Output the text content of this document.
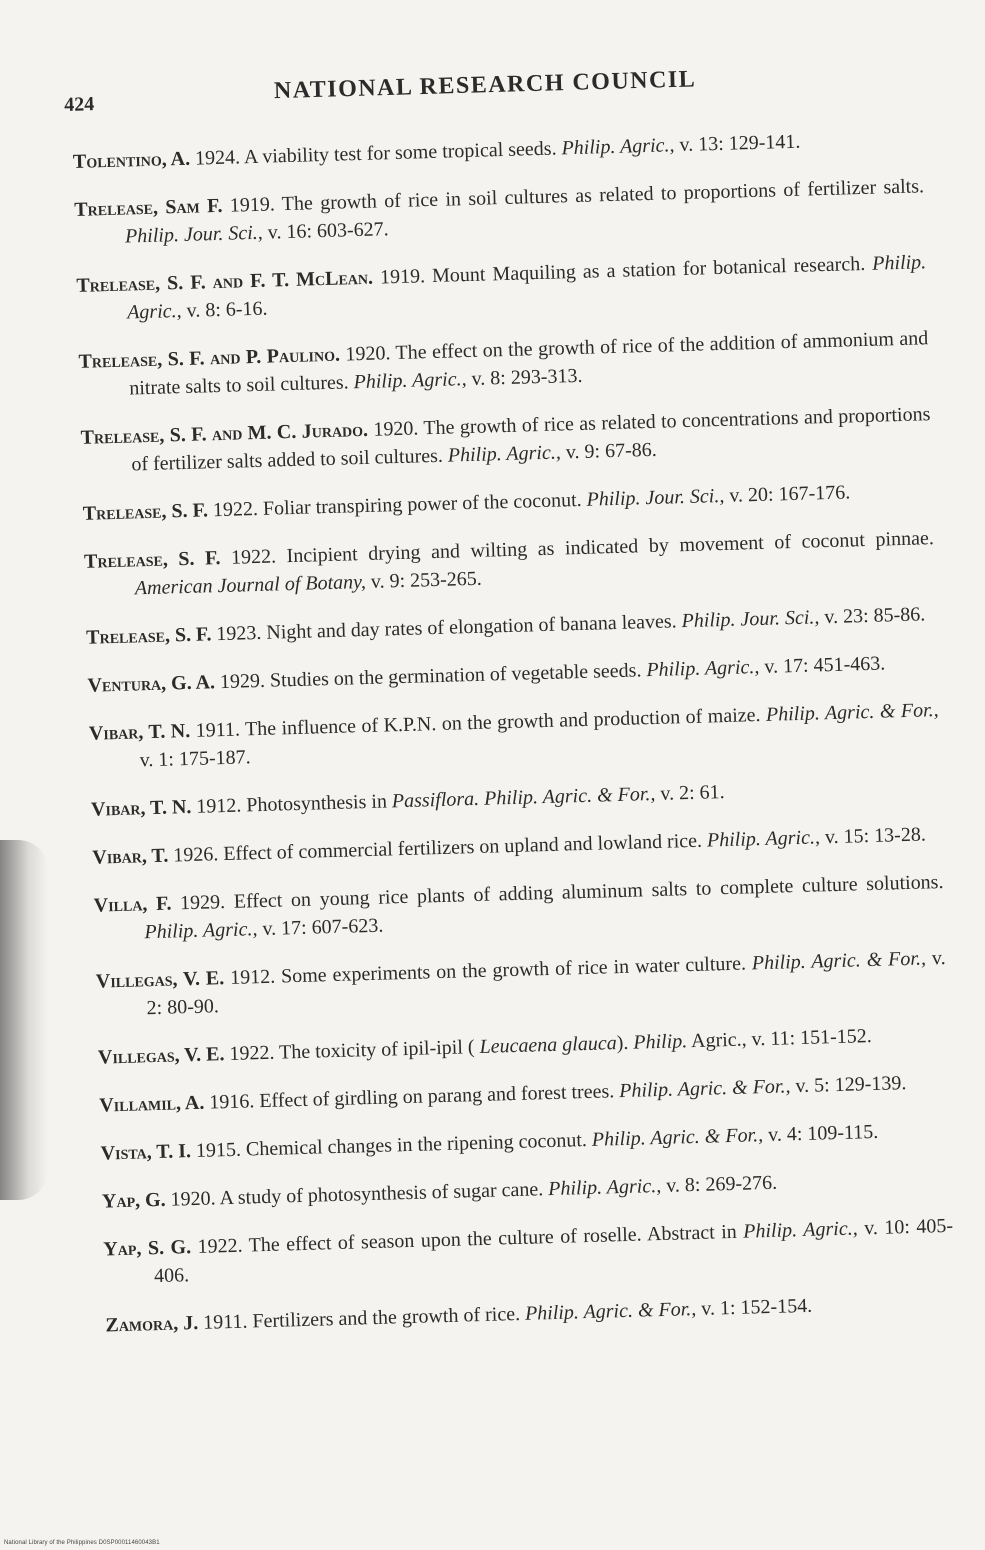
424
NATIONAL RESEARCH COUNCIL

Tolentino, A. 1924. A viability test for some tropical seeds. Philip. Agric., v. 13: 129-141.

Trelease, Sam F. 1919. The growth of rice in soil cultures as related to proportions of fertilizer salts. Philip. Jour. Sci., v. 16: 603-627.

Trelease, S. F. and F. T. McLean. 1919. Mount Maquiling as a station for botanical research. Philip. Agric., v. 8: 6-16.

Trelease, S. F. and P. Paulino. 1920. The effect on the growth of rice of the addition of ammonium and nitrate salts to soil cultures. Philip. Agric., v. 8: 293-313.

Trelease, S. F. and M. C. Jurado. 1920. The growth of rice as related to concentrations and proportions of fertilizer salts added to soil cultures. Philip. Agric., v. 9: 67-86.

Trelease, S. F. 1922. Foliar transpiring power of the coconut. Philip. Jour. Sci., v. 20: 167-176.

Trelease, S. F. 1922. Incipient drying and wilting as indicated by movement of coconut pinnae. American Journal of Botany, v. 9: 253-265.

Trelease, S. F. 1923. Night and day rates of elongation of banana leaves. Philip. Jour. Sci., v. 23: 85-86.

Ventura, G. A. 1929. Studies on the germination of vegetable seeds. Philip. Agric., v. 17: 451-463.

Vibar, T. N. 1911. The influence of K.P.N. on the growth and production of maize. Philip. Agric. & For., v. 1: 175-187.

Vibar, T. N. 1912. Photosynthesis in Passiflora. Philip. Agric. & For., v. 2: 61.

Vibar, T. 1926. Effect of commercial fertilizers on upland and lowland rice. Philip. Agric., v. 15: 13-28.

Villa, F. 1929. Effect on young rice plants of adding aluminum salts to complete culture solutions. Philip. Agric., v. 17: 607-623.

Villegas, V. E. 1912. Some experiments on the growth of rice in water culture. Philip. Agric. & For., v. 2: 80-90.

Villegas, V. E. 1922. The toxicity of ipil-ipil ( Leucaena glauca). Philip. Agric., v. 11: 151-152.

Villamil, A. 1916. Effect of girdling on parang and forest trees. Philip. Agric. & For., v. 5: 129-139.

Vista, T. I. 1915. Chemical changes in the ripening coconut. Philip. Agric. & For., v. 4: 109-115.

Yap, G. 1920. A study of photosynthesis of sugar cane. Philip. Agric., v. 8: 269-276.

Yap, S. G. 1922. The effect of season upon the culture of roselle. Abstract in Philip. Agric., v. 10: 405-406.

Zamora, J. 1911. Fertilizers and the growth of rice. Philip. Agric. & For., v. 1: 152-154.

National Library of the Philippines D0SP00011460043B1
